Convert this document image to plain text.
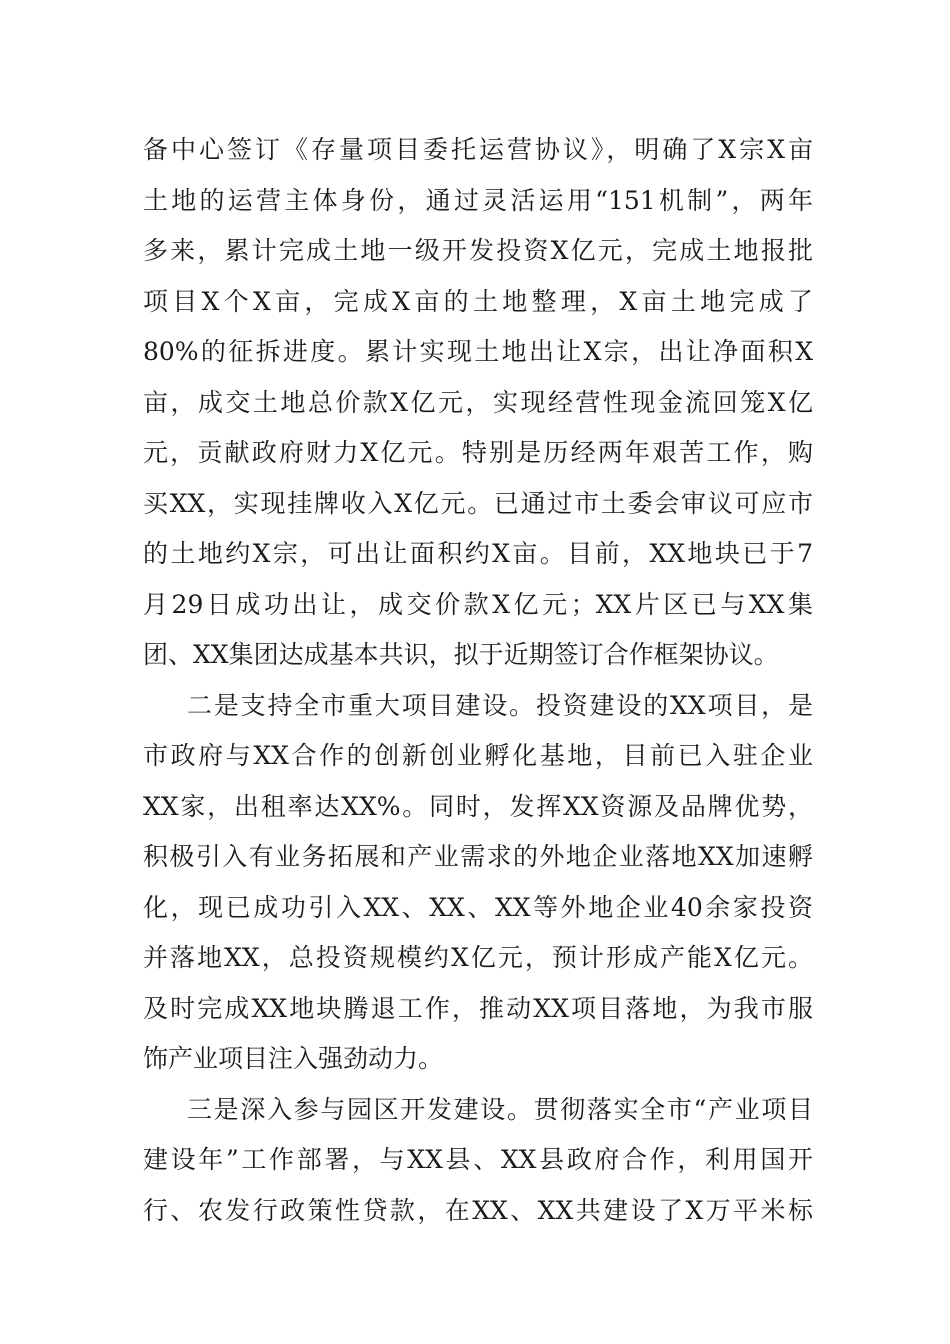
备中心签订《存量项目委托运营协议》，明确了X宗X亩
土地的运营主体身份，通过灵活运用“151机制”，两年
多来，累计完成土地一级开发投资X亿元，完成土地报批
项目X个X亩，完成X亩的土地整理，X亩土地完成了
80%的征拆进度。累计实现土地出让X宗，出让净面积X
亩，成交土地总价款X亿元，实现经营性现金流回笼X亿
元，贡献政府财力X亿元。特别是历经两年艰苦工作，购
买XX，实现挂牌收入X亿元。已通过市土委会审议可应市
的土地约X宗，可出让面积约X亩。目前，XX地块已于7
月29日成功出让，成交价款X亿元；XX片区已与XX集
团、XX集团达成基本共识，拟于近期签订合作框架协议。
二是支持全市重大项目建设。投资建设的XX项目，是
市政府与XX合作的创新创业孵化基地，目前已入驻企业
XX家，出租率达XX%。同时，发挥XX资源及品牌优势，
积极引入有业务拓展和产业需求的外地企业落地XX加速孵
化，现已成功引入XX、XX、XX等外地企业40余家投资
并落地XX，总投资规模约X亿元，预计形成产能X亿元。
及时完成XX地块腾退工作，推动XX项目落地，为我市服
饰产业项目注入强劲动力。
三是深入参与园区开发建设。贯彻落实全市“产业项目
建设年”工作部署，与XX县、XX县政府合作，利用国开
行、农发行政策性贷款，在XX、XX共建设了X万平米标
